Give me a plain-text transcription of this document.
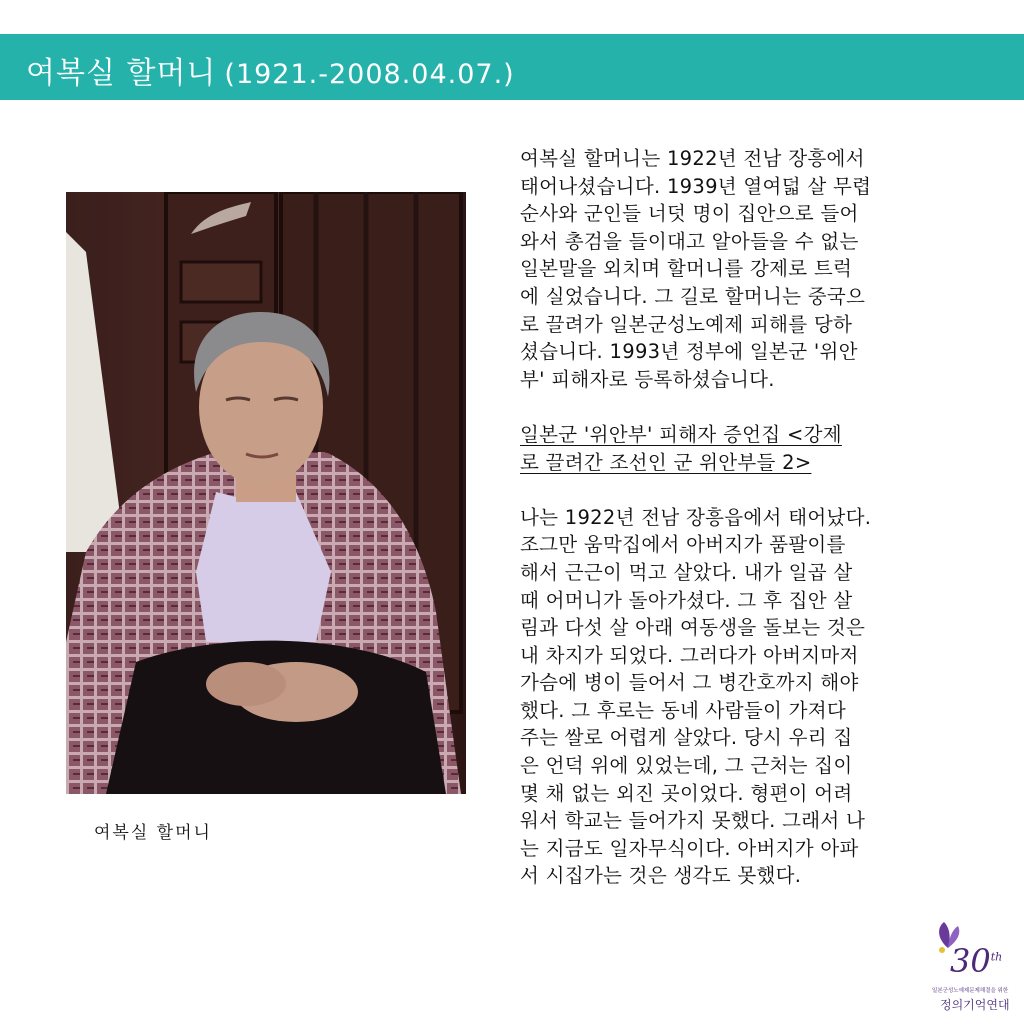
여복실 할머니 (1921.-2008.04.07.)
여복실 할머니

여복실 할머니는 1922년 전남 장흥에서

태어나셨습니다. 1939년 열여덟 살 무렵

순사와 군인들 너덧 명이 집안으로 들어

와서 총검을 들이대고 알아들을 수 없는

일본말을 외치며 할머니를 강제로 트럭

에 실었습니다. 그 길로 할머니는 중국으

로 끌려가 일본군성노예제 피해를 당하

셨습니다. 1993년 정부에 일본군 '위안

부' 피해자로 등록하셨습니다.

일본군 '위안부' 피해자 증언집 <강제

로 끌려간 조선인 군 위안부들 2>

나는 1922년 전남 장흥읍에서 태어났다.

조그만 움막집에서 아버지가 품팔이를

해서 근근이 먹고 살았다. 내가 일곱 살

때 어머니가 돌아가셨다. 그 후 집안 살

림과 다섯 살 아래 여동생을 돌보는 것은

내 차지가 되었다. 그러다가 아버지마저

가슴에 병이 들어서 그 병간호까지 해야

했다. 그 후로는 동네 사람들이 가져다

주는 쌀로 어렵게 살았다. 당시 우리 집

은 언덕 위에 있었는데, 그 근처는 집이

몇 채 없는 외진 곳이었다. 형편이 어려

워서 학교는 들어가지 못했다. 그래서 나

는 지금도 일자무식이다. 아버지가 아파

서 시집가는 것은 생각도 못했다.

30th
일본군성노예제문제해결을 위한
정의기억연대
